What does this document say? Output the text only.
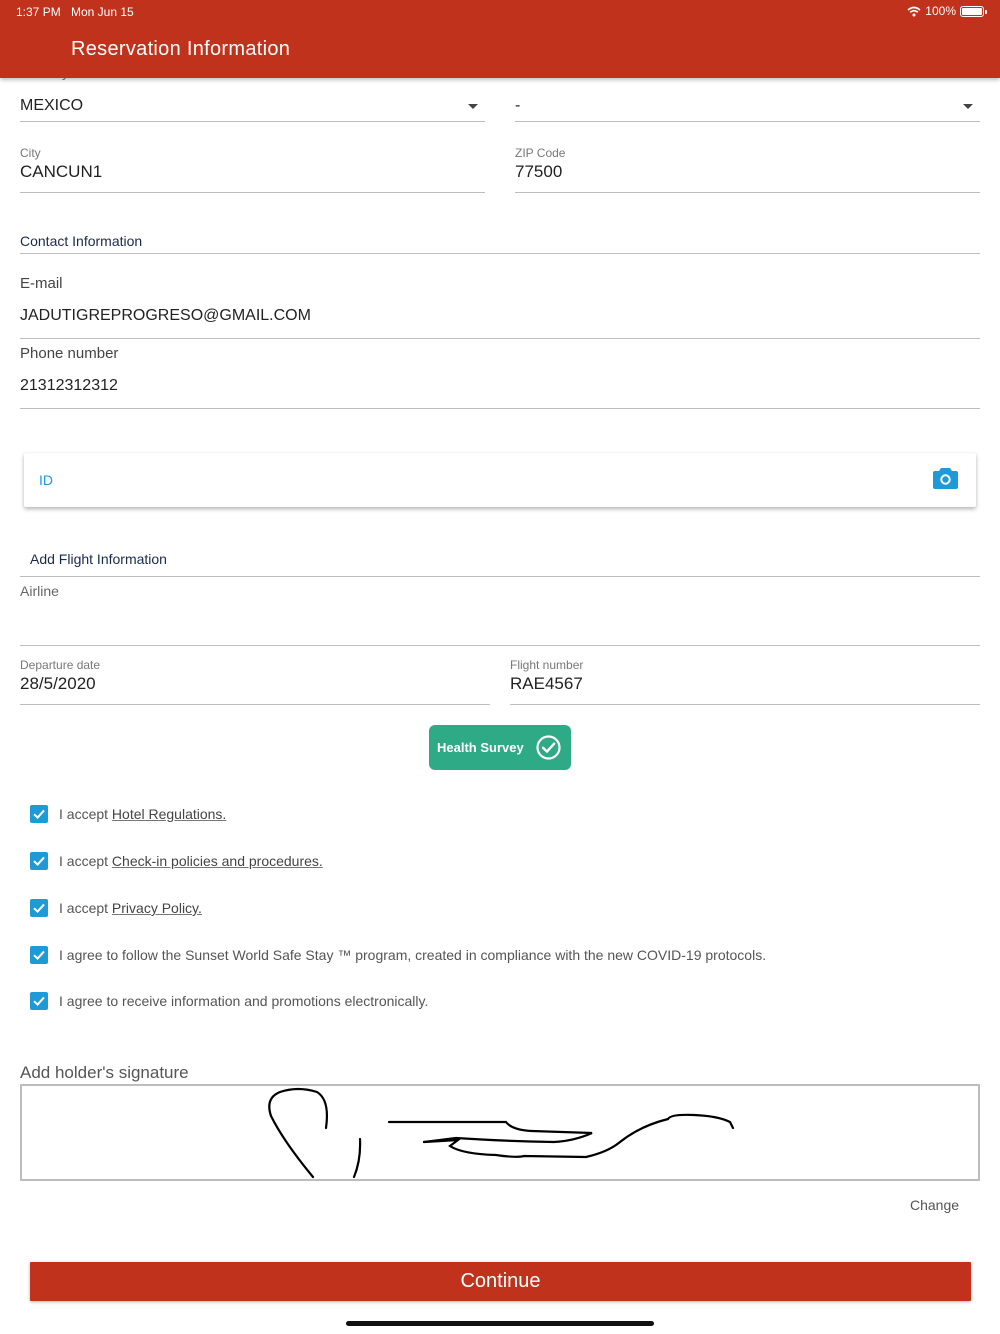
1:37 PM Mon Jun 15	100%
Reservation Information
MEXICO	-
City
CANCUN1
ZIP Code
77500
Contact Information
E-mail
JADUTIGREPROGRESO@GMAIL.COM
Phone number
21312312312
ID
Add Flight Information
Airline
Departure date
28/5/2020
Flight number
RAE4567
Health Survey
I accept Hotel Regulations.
I accept Check-in policies and procedures.
I accept Privacy Policy.
I agree to follow the Sunset World Safe Stay ™ program, created in compliance with the new COVID-19 protocols.
I agree to receive information and promotions electronically.
Add holder's signature
Change
Continue
